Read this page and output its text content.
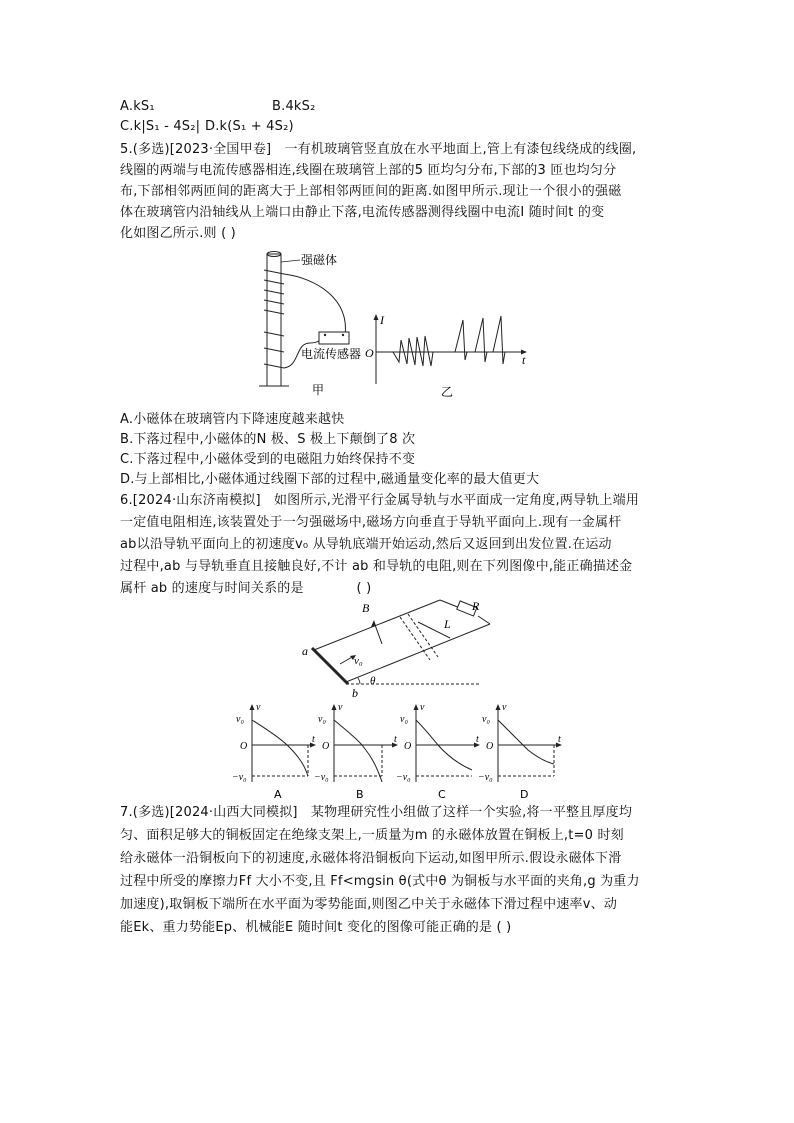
A.kS₁	B.4kS₂
C.k|S₁ - 4S₂| D.k(S₁ + 4S₂)
5.(多选)[2023·全国甲卷]　一有机玻璃管竖直放在水平地面上,管上有漆包线绕成的线圈,
线圈的两端与电流传感器相连,线圈在玻璃管上部的5 匝均匀分布,下部的3 匝也均匀分
布,下部相邻两匝间的距离大于上部相邻两匝间的距离.如图甲所示.现让一个很小的强磁
体在玻璃管内沿轴线从上端口由静止下落,电流传感器测得线圈中电流I 随时间t 的变
化如图乙所示.则 ( )
强磁体
电流传感器
甲
I
t
O
乙
A.小磁体在玻璃管内下降速度越来越快
B.下落过程中,小磁体的N 极、S 极上下颠倒了8 次
C.下落过程中,小磁体受到的电磁阻力始终保持不变
D.与上部相比,小磁体通过线圈下部的过程中,磁通量变化率的最大值更大
6.[2024·山东济南模拟]　如图所示,光滑平行金属导轨与水平面成一定角度,两导轨上端用
一定值电阻相连,该装置处于一匀强磁场中,磁场方向垂直于导轨平面向上.现有一金属杆
ab以沿导轨平面向上的初速度v₀ 从导轨底端开始运动,然后又返回到出发位置.在运动
过程中,ab 与导轨垂直且接触良好,不计 ab 和导轨的电阻,则在下列图像中,能正确描述金
属杆 ab 的速度与时间关系的是　　　　( )
B	R
L
a
b
v₀
θ
v
v₀
O
t
−v₀
A
v
v₀
O
t
−v₀
B
v
v₀
O
t
−v₀
C
v
v₀
O
t
−v₀
D
7.(多选)[2024·山西大同模拟]　某物理研究性小组做了这样一个实验,将一平整且厚度均
匀、面积足够大的铜板固定在绝缘支架上,一质量为m 的永磁体放置在铜板上,t=0 时刻
给永磁体一沿铜板向下的初速度,永磁体将沿铜板向下运动,如图甲所示.假设永磁体下滑
过程中所受的摩擦力Ff 大小不变,且 Ff<mgsin θ(式中θ 为铜板与水平面的夹角,g 为重力
加速度),取铜板下端所在水平面为零势能面,则图乙中关于永磁体下滑过程中速率v、动
能Ek、重力势能Ep、机械能E 随时间t 变化的图像可能正确的是 ( )
